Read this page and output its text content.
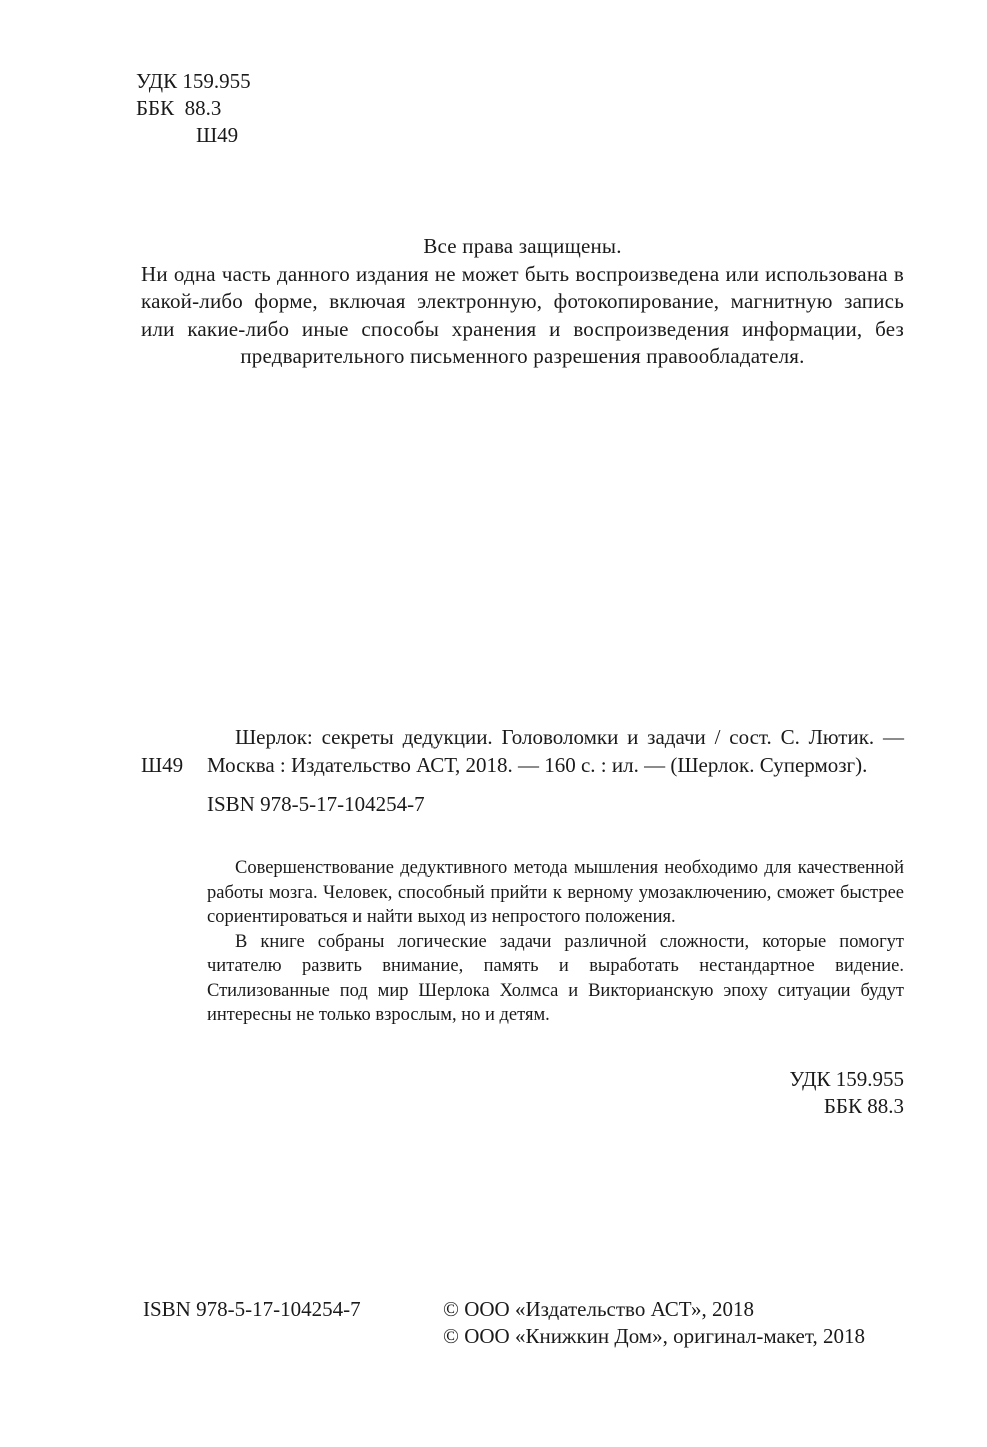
УДК 159.955
ББК  88.3
Ш49
Все права защищены.
Ни одна часть данного издания не может быть воспроизведена или использована в какой-либо форме, включая электронную, фотокопирование, магнитную запись или какие-либо иные способы хранения и воспроизведения информации, без предварительного письменного разрешения правообладателя.
Ш49
Шерлок: секреты дедукции. Головоломки и задачи / сост. С. Лютик. — Москва : Издательство АСТ, 2018. — 160 с. : ил. — (Шерлок. Супермозг).
ISBN 978-5-17-104254-7

Совершенствование дедуктивного метода мышления необходимо для качественной работы мозга. Человек, способный прийти к верному умозаключению, сможет быстрее сориентироваться и найти выход из непростого положения.

В книге собраны логические задачи различной сложности, которые помогут читателю развить внимание, память и выработать нестандартное видение. Стилизованные под мир Шерлока Холмса и Викторианскую эпоху ситуации будут интересны не только взрослым, но и детям.

УДК 159.955
ББК 88.3
ISBN 978-5-17-104254-7	© ООО «Издательство АСТ», 2018
© ООО «Книжкин Дом», оригинал-макет, 2018
